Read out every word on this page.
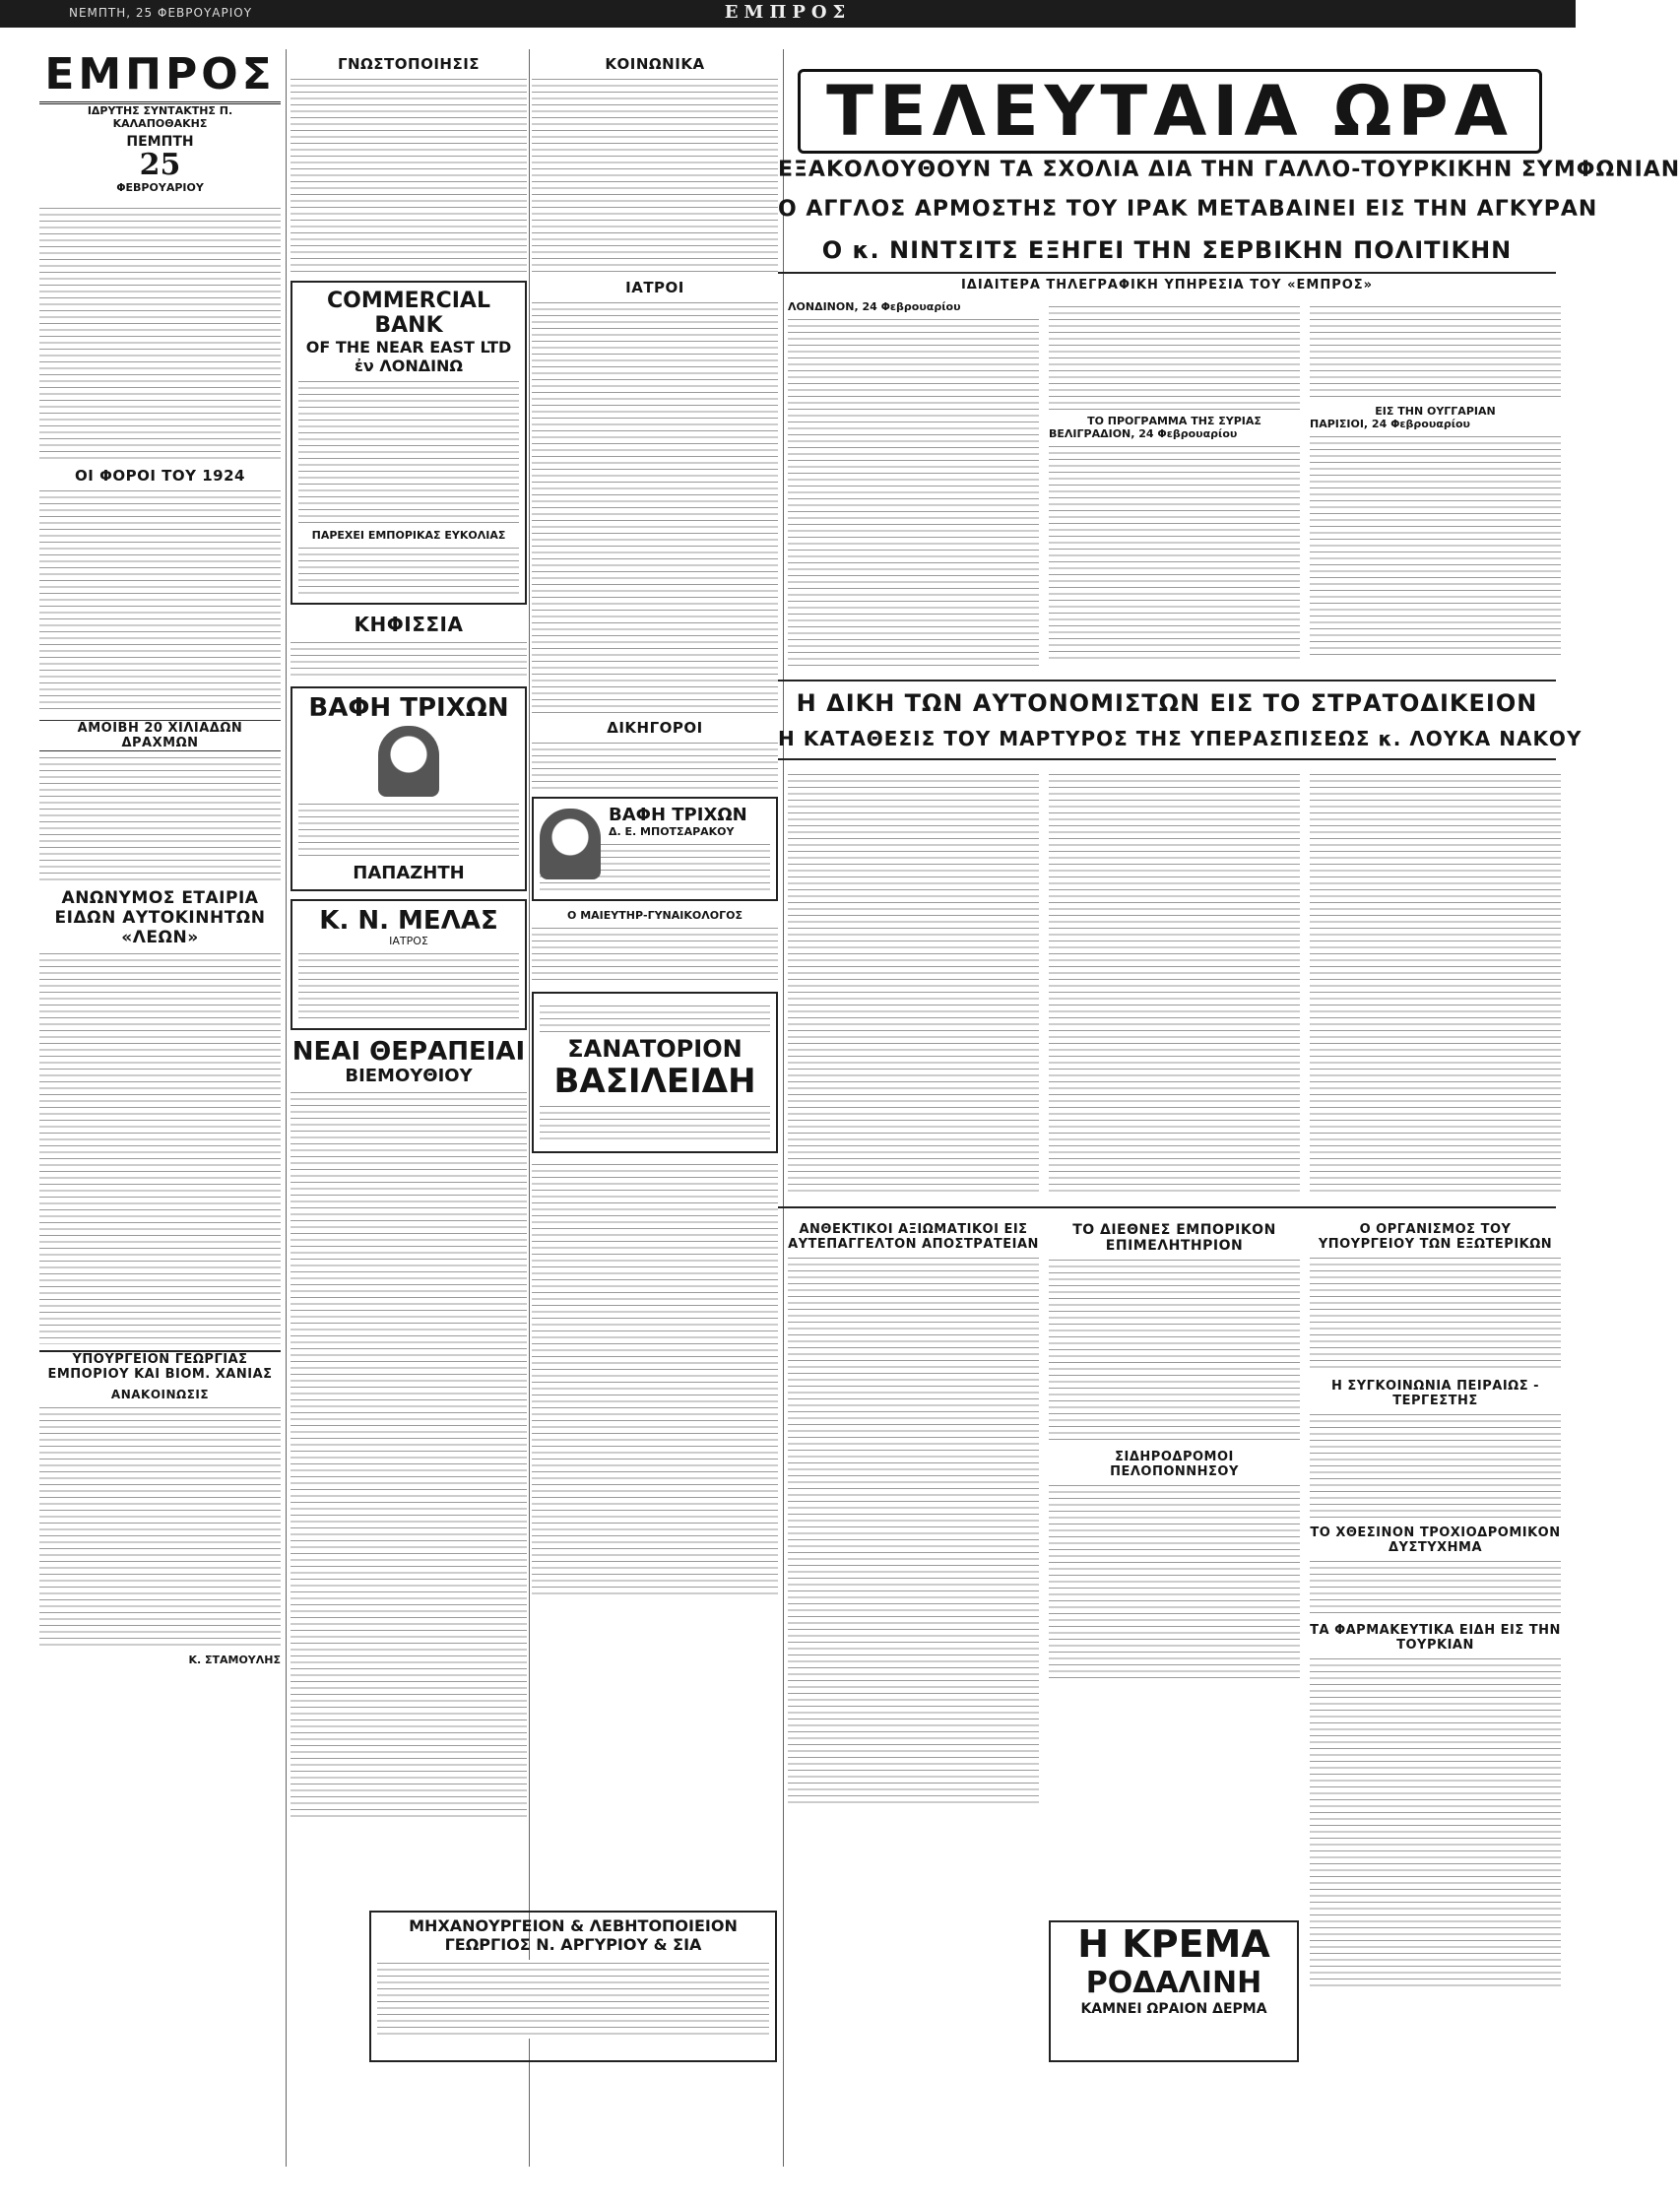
ΝΕΜΠΤΗ, 25 ΦΕΒΡΟΥΑΡΙΟΥ	ΕΜΠΡΟΣ
ΕΜΠΡΟΣ
ΙΔΡΥΤΗΣ ΣΥΝΤΑΚΤΗΣ Π. ΚΑΛΑΠΟΘΑΚΗΣ
ΠΕΜΠΤΗ
25
ΦΕΒΡΟΥΑΡΙΟΥ
ΟΙ ΦΟΡΟΙ ΤΟΥ 1924
ΑΜΟΙΒΗ 20 ΧΙΛΙΑΔΩΝ ΔΡΑΧΜΩΝ
ΑΝΩΝΥΜΟΣ ΕΤΑΙΡΙΑ ΕΙΔΩΝ ΑΥΤΟΚΙΝΗΤΩΝ «ΛΕΩΝ»
ΥΠΟΥΡΓΕΙΟΝ ΓΕΩΡΓΙΑΣ ΕΜΠΟΡΙΟΥ ΚΑΙ ΒΙΟΜ. ΧΑΝΙΑΣ
ΑΝΑΚΟΙΝΩΣΙΣ
Κ. ΣΤΑΜΟΥΛΗΣ
ΓΝΩΣΤΟΠΟΙΗΣΙΣ
COMMERCIAL BANK
OF THE NEAR EAST LTD
ἐν ΛΟΝΔΙΝΩ
ΠΑΡΕΧΕΙ ΕΜΠΟΡΙΚΑΣ ΕΥΚΟΛΙΑΣ
ΚΗΦΙΣΣΙΑ
ΒΑΦΗ ΤΡΙΧΩΝ
ΠΑΠΑΖΗΤΗ
Κ. Ν. ΜΕΛΑΣ
ΙΑΤΡΟΣ
ΝΕΑΙ ΘΕΡΑΠΕΙΑΙ
ΒΙΕΜΟΥΘΙΟΥ
ΚΟΙΝΩΝΙΚΑ
ΙΑΤΡΟΙ
ΔΙΚΗΓΟΡΟΙ
ΒΑΦΗ ΤΡΙΧΩΝ
Δ. Ε. ΜΠΟΤΣΑΡΑΚΟΥ
Ο ΜΑΙΕΥΤΗΡ-ΓΥΝΑΙΚΟΛΟΓΟΣ
ΣΑΝΑΤΟΡΙΟΝ
ΒΑΣΙΛΕΙΔΗ
ΜΗΧΑΝΟΥΡΓΕΙΟΝ & ΛΕΒΗΤΟΠΟΙΕΙΟΝ
ΓΕΩΡΓΙΟΣ Ν. ΑΡΓΥΡΙΟΥ & ΣΙΑ
ΤΕΛΕΥΤΑΙΑ ΩΡΑ
ΕΞΑΚΟΛΟΥΘΟΥΝ ΤΑ ΣΧΟΛΙΑ ΔΙΑ ΤΗΝ ΓΑΛΛΟ-ΤΟΥΡΚΙΚΗΝ ΣΥΜΦΩΝΙΑΝ
Ο ΑΓΓΛΟΣ ΑΡΜΟΣΤΗΣ ΤΟΥ ΙΡΑΚ ΜΕΤΑΒΑΙΝΕΙ ΕΙΣ ΤΗΝ ΑΓΚΥΡΑΝ
Ο κ. ΝΙΝΤΣΙΤΣ ΕΞΗΓΕΙ ΤΗΝ ΣΕΡΒΙΚΗΝ ΠΟΛΙΤΙΚΗΝ
ΙΔΙΑΙΤΕΡΑ ΤΗΛΕΓΡΑΦΙΚΗ ΥΠΗΡΕΣΙΑ ΤΟΥ «ΕΜΠΡΟΣ»
ΛΟΝΔΙΝΟΝ, 24 Φεβρουαρίου
ΤΟ ΠΡΟΓΡΑΜΜΑ ΤΗΣ ΣΥΡΙΑΣ
ΒΕΛΙΓΡΑΔΙΟΝ, 24 Φεβρουαρίου
ΕΙΣ ΤΗΝ ΟΥΓΓΑΡΙΑΝ
ΠΑΡΙΣΙΟΙ, 24 Φεβρουαρίου
Η ΔΙΚΗ ΤΩΝ ΑΥΤΟΝΟΜΙΣΤΩΝ ΕΙΣ ΤΟ ΣΤΡΑΤΟΔΙΚΕΙΟΝ
Η ΚΑΤΑΘΕΣΙΣ ΤΟΥ ΜΑΡΤΥΡΟΣ ΤΗΣ ΥΠΕΡΑΣΠΙΣΕΩΣ κ. ΛΟΥΚΑ ΝΑΚΟΥ
ΑΝΘΕΚΤΙΚΟΙ ΑΞΙΩΜΑΤΙΚΟΙ ΕΙΣ ΑΥΤΕΠΑΓΓΕΛΤΟΝ ΑΠΟΣΤΡΑΤΕΙΑΝ
ΤΟ ΔΙΕΘΝΕΣ ΕΜΠΟΡΙΚΟΝ ΕΠΙΜΕΛΗΤΗΡΙΟΝ
ΣΙΔΗΡΟΔΡΟΜΟΙ ΠΕΛΟΠΟΝΝΗΣΟΥ
Ο ΟΡΓΑΝΙΣΜΟΣ ΤΟΥ ΥΠΟΥΡΓΕΙΟΥ ΤΩΝ ΕΞΩΤΕΡΙΚΩΝ
Η ΣΥΓΚΟΙΝΩΝΙΑ ΠΕΙΡΑΙΩΣ - ΤΕΡΓΕΣΤΗΣ
ΤΟ ΧΘΕΣΙΝΟΝ ΤΡΟΧΙΟΔΡΟΜΙΚΟΝ ΔΥΣΤΥΧΗΜΑ
ΤΑ ΦΑΡΜΑΚΕΥΤΙΚΑ ΕΙΔΗ ΕΙΣ ΤΗΝ ΤΟΥΡΚΙΑΝ
Η ΚΡΕΜΑ
ΡΟΔΑΛΙΝΗ
ΚΑΜΝΕΙ ΩΡΑΙΟΝ ΔΕΡΜΑ
